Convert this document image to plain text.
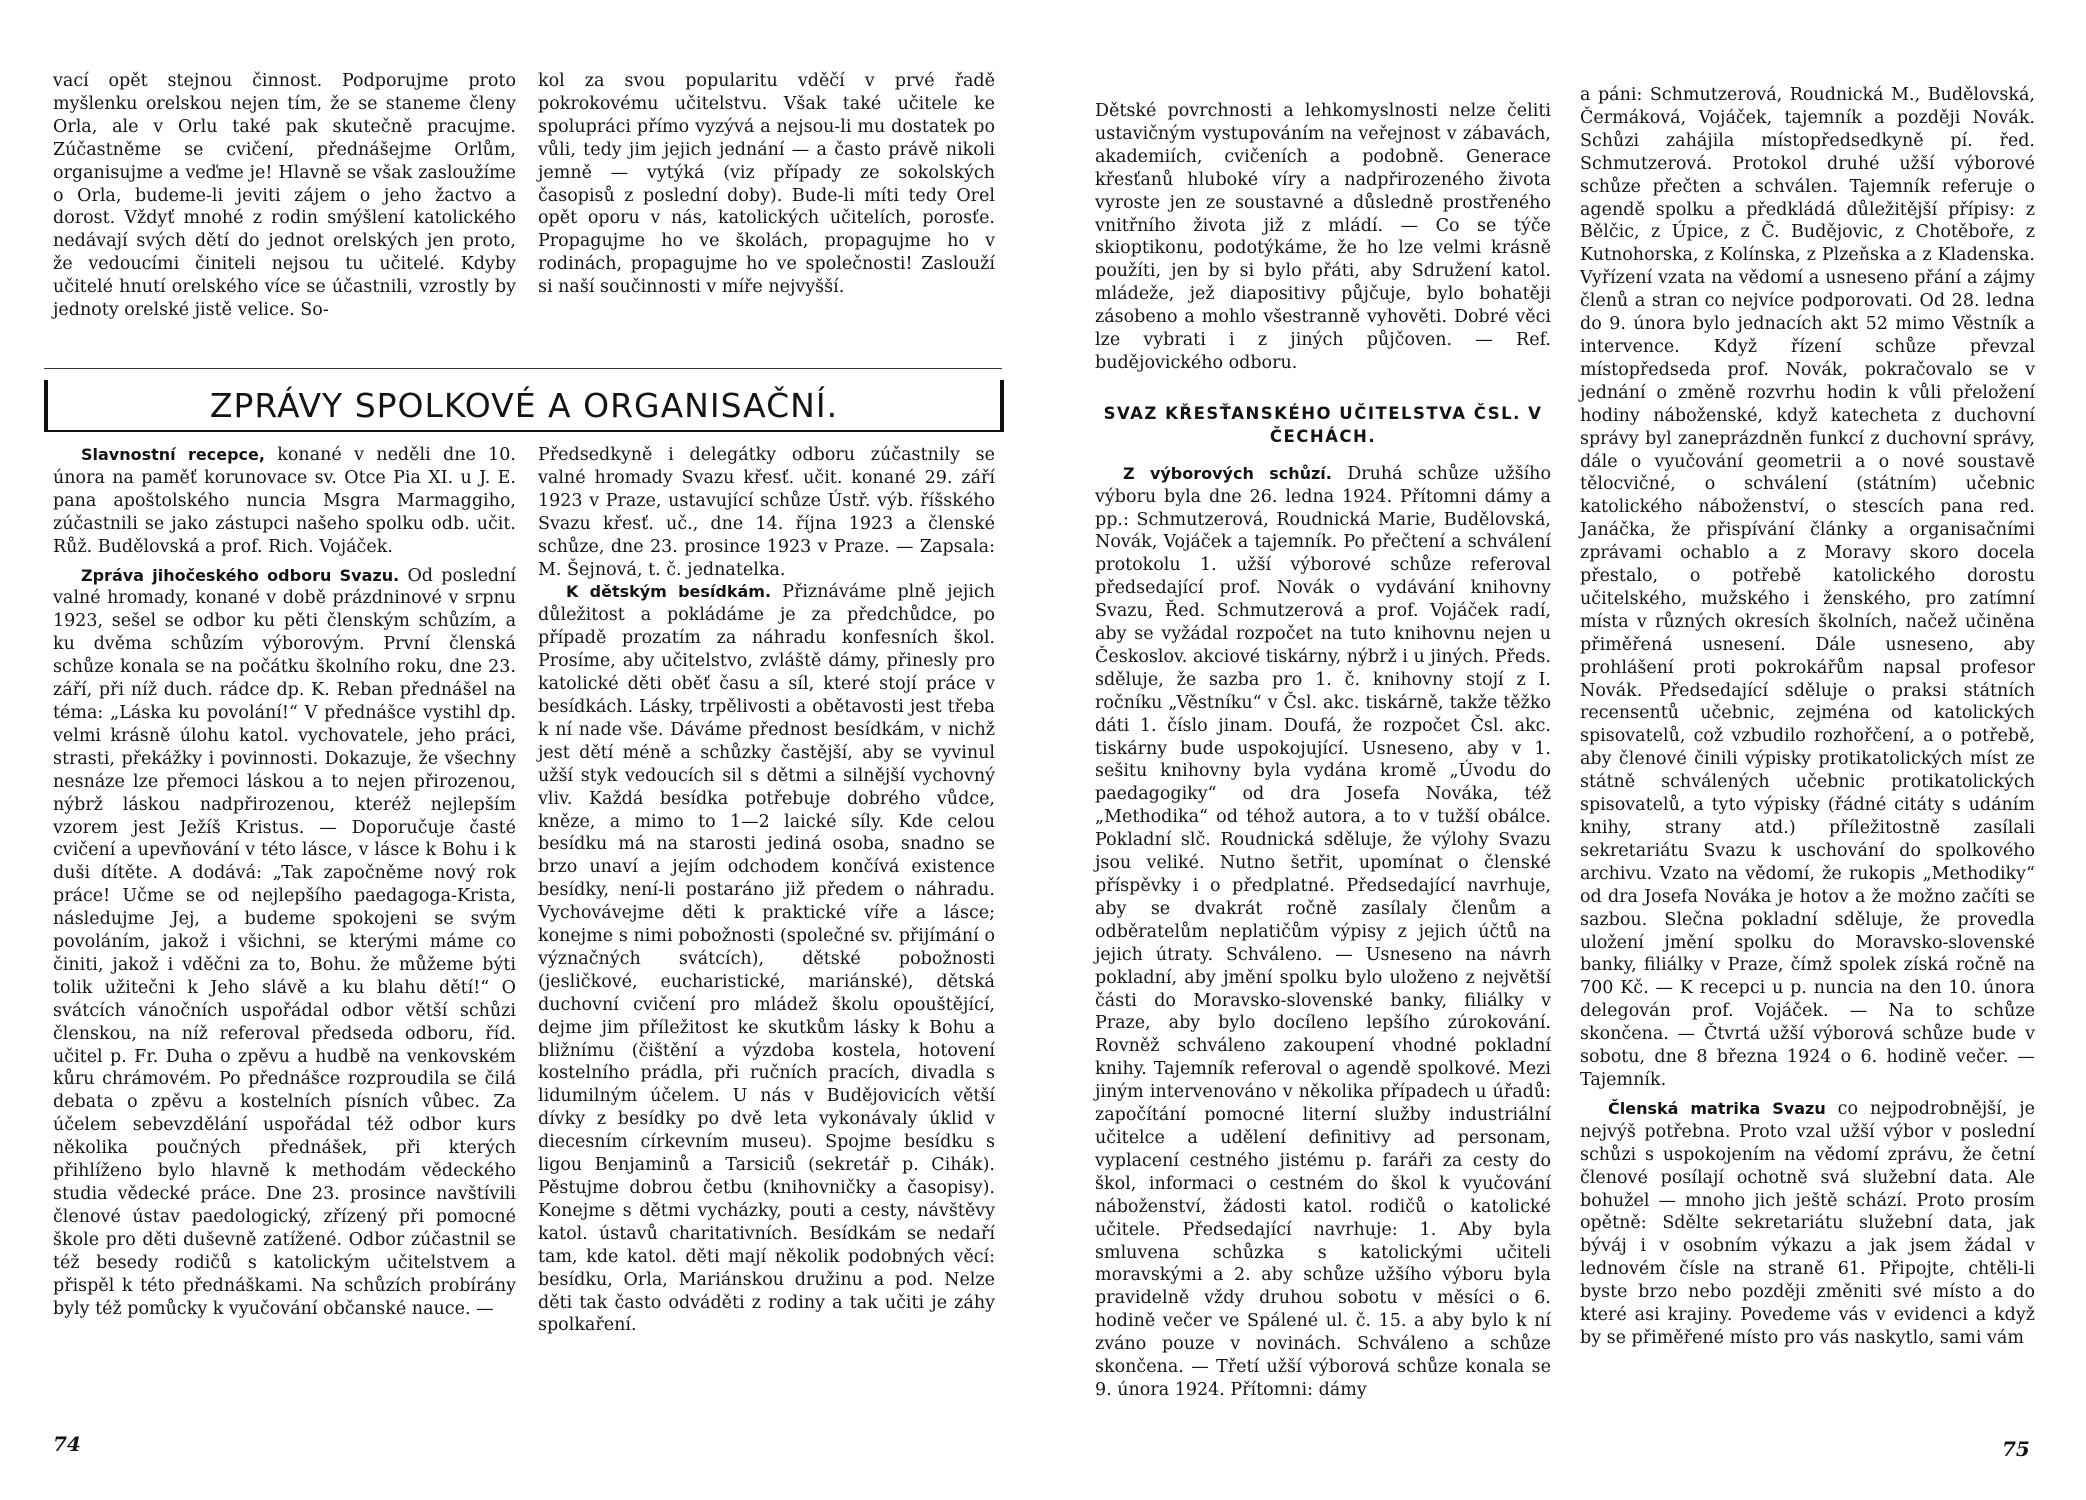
vací opět stejnou činnost. Podporujme proto myšlenku orelskou nejen tím, že se staneme členy Orla, ale v Orlu také pak skutečně pracujme. Zúčastněme se cvičení, přednášejme Orlům, organisujme a veďme je! Hlavně se však zasloužíme o Orla, budeme-li jeviti zájem o jeho žactvo a dorost. Vždyť mnohé z rodin smýšlení katolického nedávají svých dětí do jednot orelských jen proto, že vedoucími činiteli nejsou tu učitelé. Kdyby učitelé hnutí orelského více se účastnili, vzrostly by jednoty orelské jistě velice. So-

kol za svou popularitu vděčí v prvé řadě pokrokovému učitelstvu. Však také učitele ke spolupráci přímo vyzývá a nejsou-li mu dostatek po vůli, tedy jim jejich jednání — a často právě nikoli jemně — vytýká (viz případy ze sokolských časopisů z poslední doby). Bude-li míti tedy Orel opět oporu v nás, katolických učitelích, porosťe. Propagujme ho ve školách, propagujme ho v rodinách, propagujme ho ve společnosti! Zaslouží si naší součinnosti v míře nejvyšší.

ZPRÁVY SPOLKOVÉ A ORGANISAČNÍ.

Slavnostní recepce, konané v neděli dne 10. února na paměť korunovace sv. Otce Pia XI. u J. E. pana apoštolského nuncia Msgra Marmaggiho, zúčastnili se jako zástupci našeho spolku odb. učit. Růž. Budělovská a prof. Rich. Vojáček.

Zpráva jihočeského odboru Svazu. Od poslední valné hromady, konané v době prázdninové v srpnu 1923, sešel se odbor ku pěti členským schůzím, a ku dvěma schůzím výborovým. První členská schůze konala se na počátku školního roku, dne 23. září, při níž duch. rádce dp. K. Reban přednášel na téma: „Láska ku povolání!“ V přednášce vystihl dp. velmi krásně úlohu katol. vychovatele, jeho práci, strasti, překážky i povinnosti. Dokazuje, že všechny nesnáze lze přemoci láskou a to nejen přirozenou, nýbrž láskou nadpřirozenou, kteréž nejlepším vzorem jest Ježíš Kristus. — Doporučuje časté cvičení a upevňování v této lásce, v lásce k Bohu i k duši dítěte. A dodává: „Tak započněme nový rok práce! Učme se od nejlepšího paedagoga-Krista, následujme Jej, a budeme spokojeni se svým povoláním, jakož i všichni, se kterými máme co činiti, jakož i vděčni za to, Bohu. že můžeme býti tolik užitečni k Jeho slávě a ku blahu dětí!“ O svátcích vánočních uspořádal odbor větší schůzi členskou, na níž referoval předseda odboru, říd. učitel p. Fr. Duha o zpěvu a hudbě na venkovském kůru chrámovém. Po přednášce rozproudila se čilá debata o zpěvu a kostelních písních vůbec. Za účelem sebevzdělání uspořádal též odbor kurs několika poučných přednášek, při kterých přihlíženo bylo hlavně k methodám vědeckého studia vědecké práce. Dne 23. prosince navštívili členové ústav paedologický, zřízený při pomocné škole pro děti duševně zatížené. Odbor zúčastnil se též besedy rodičů s katolickým učitelstvem a přispěl k této přednáškami. Na schůzích probírány byly též pomůcky k vyučování občanské nauce. —

Předsedkyně i delegátky odboru zúčastnily se valné hromady Svazu křesť. učit. konané 29. září 1923 v Praze, ustavující schůze Ústř. výb. říšského Svazu křesť. uč., dne 14. října 1923 a členské schůze, dne 23. prosince 1923 v Praze. — Zapsala: M. Šejnová, t. č. jednatelka.

K dětským besídkám. Přiznáváme plně jejich důležitost a pokládáme je za předchůdce, po případě prozatím za náhradu konfesních škol. Prosíme, aby učitelstvo, zvláště dámy, přinesly pro katolické děti oběť času a síl, které stojí práce v besídkách. Lásky, trpělivosti a obětavosti jest třeba k ní nade vše. Dáváme přednost besídkám, v nichž jest dětí méně a schůzky častější, aby se vyvinul užší styk vedoucích sil s dětmi a silnější vychovný vliv. Každá besídka potřebuje dobrého vůdce, kněze, a mimo to 1—2 laické síly. Kde celou besídku má na starosti jediná osoba, snadno se brzo unaví a jejím odchodem končívá existence besídky, není-li postaráno již předem o náhradu. Vychovávejme děti k praktické víře a lásce; konejme s nimi pobožnosti (společné sv. přijímání o význačných svátcích), dětské pobožnosti (jesličkové, eucharistické, mariánské), dětská duchovní cvičení pro mládež školu opouštějící, dejme jim příležitost ke skutkům lásky k Bohu a bližnímu (čištění a výzdoba kostela, hotovení kostelního prádla, při ručních pracích, divadla s lidumilným účelem. U nás v Budějovicích větší dívky z besídky po dvě leta vykonávaly úklid v diecesním církevním museu). Spojme besídku s ligou Benjaminů a Tarsiciů (sekretář p. Cihák). Pěstujme dobrou četbu (knihovničky a časopisy). Konejme s dětmi vycházky, pouti a cesty, návštěvy katol. ústavů charitativních. Besídkám se nedaří tam, kde katol. děti mají několik podobných věcí: besídku, Orla, Mariánskou družinu a pod. Nelze děti tak často odváděti z rodiny a tak učiti je záhy spolkaření.

74

Dětské povrchnosti a lehkomyslnosti nelze čeliti ustavičným vystupováním na veřejnost v zábavách, akademiích, cvičeních a podobně. Generace křesťanů hluboké víry a nadpřirozeného života vyroste jen ze soustavné a důsledně prostřeného vnitřního života již z mládí. — Co se týče skioptikonu, podotýkáme, že ho lze velmi krásně použíti, jen by si bylo přáti, aby Sdružení katol. mládeže, jež diapositivy půjčuje, bylo bohatěji zásobeno a mohlo všestranně vyhověti. Dobré věci lze vybrati i z jiných půjčoven. — Ref. budějovického odboru.

SVAZ KŘESŤANSKÉHO UČITELSTVA ČSL. V ČECHÁCH.

Z výborových schůzí. Druhá schůze užšího výboru byla dne 26. ledna 1924. Přítomni dámy a pp.: Schmutzerová, Roudnická Marie, Budělovská, Novák, Vojáček a tajemník. Po přečtení a schválení protokolu 1. užší výborové schůze referoval předsedající prof. Novák o vydávání knihovny Svazu, Řed. Schmutzerová a prof. Vojáček radí, aby se vyžádal rozpočet na tuto knihovnu nejen u Českoslov. akciové tiskárny, nýbrž i u jiných. Předs. sděluje, že sazba pro 1. č. knihovny stojí z I. ročníku „Věstníku“ v Čsl. akc. tiskárně, takže těžko dáti 1. číslo jinam. Doufá, že rozpočet Čsl. akc. tiskárny bude uspokojující. Usneseno, aby v 1. sešitu knihovny byla vydána kromě „Úvodu do paedagogiky“ od dra Josefa Nováka, též „Methodika“ od téhož autora, a to v tužší obálce. Pokladní slč. Roudnická sděluje, že výlohy Svazu jsou veliké. Nutno šetřit, upomínat o členské příspěvky i o předplatné. Předsedající navrhuje, aby se dvakrát ročně zasílaly členům a odběratelům neplatičům výpisy z jejich účtů na jejich útraty. Schváleno. — Usneseno na návrh pokladní, aby jmění spolku bylo uloženo z největší části do Moravsko-slovenské banky, filiálky v Praze, aby bylo docíleno lepšího zúrokování. Rovněž schváleno zakoupení vhodné pokladní knihy. Tajemník referoval o agendě spolkové. Mezi jiným intervenováno v několika případech u úřadů: započítání pomocné literní služby industriální učitelce a udělení definitivy ad personam, vyplacení cestného jistému p. faráři za cesty do škol, informaci o cestném do škol k vyučování náboženství, žádosti katol. rodičů o katolické učitele. Předsedající navrhuje: 1. Aby byla smluvena schůzka s katolickými učiteli moravskými a 2. aby schůze užšího výboru byla pravidelně vždy druhou sobotu v měsíci o 6. hodině večer ve Spálené ul. č. 15. a aby bylo k ní zváno pouze v novinách. Schváleno a schůze skončena. — Třetí užší výborová schůze konala se 9. února 1924. Přítomni: dámy

a páni: Schmutzerová, Roudnická M., Budělovská, Čermáková, Vojáček, tajemník a později Novák. Schůzi zahájila místopředsedkyně pí. řed. Schmutzerová. Protokol druhé užší výborové schůze přečten a schválen. Tajemník referuje o agendě spolku a předkládá důležitější přípisy: z Bělčic, z Úpice, z Č. Budějovic, z Chotěboře, z Kutnohorska, z Kolínska, z Plzeňska a z Kladenska. Vyřízení vzata na vědomí a usneseno přání a zájmy členů a stran co nejvíce podporovati. Od 28. ledna do 9. února bylo jednacích akt 52 mimo Věstník a intervence. Když řízení schůze převzal místopředseda prof. Novák, pokračovalo se v jednání o změně rozvrhu hodin k vůli přeložení hodiny náboženské, když katecheta z duchovní správy byl zaneprázdněn funkcí z duchovní správy, dále o vyučování geometrii a o nové soustavě tělocvičné, o schválení (státním) učebnic katolického náboženství, o stescích pana red. Janáčka, že přispívání články a organisačními zprávami ochablo a z Moravy skoro docela přestalo, o potřebě katolického dorostu učitelského, mužského i ženského, pro zatímní místa v různých okresích školních, načež učiněna přiměřená usnesení. Dále usneseno, aby prohlášení proti pokrokářům napsal profesor Novák. Předsedající sděluje o praksi státních recensentů učebnic, zejména od katolických spisovatelů, což vzbudilo rozhořčení, a o potřebě, aby členové činili výpisky protikatolických míst ze státně schválených učebnic protikatolických spisovatelů, a tyto výpisky (řádné citáty s udáním knihy, strany atd.) příležitostně zasílali sekretariátu Svazu k uschování do spolkového archivu. Vzato na vědomí, že rukopis „Methodiky“ od dra Josefa Nováka je hotov a že možno začíti se sazbou. Slečna pokladní sděluje, že provedla uložení jmění spolku do Moravsko-slovenské banky, filiálky v Praze, čímž spolek získá ročně na 700 Kč. — K recepci u p. nuncia na den 10. února delegován prof. Vojáček. — Na to schůze skončena. — Čtvrtá užší výborová schůze bude v sobotu, dne 8 března 1924 o 6. hodině večer. — Tajemník.

Členská matrika Svazu co nejpodrobnější, je nejvýš potřebna. Proto vzal užší výbor v poslední schůzi s uspokojením na vědomí zprávu, že četní členové posílají ochotně svá služební data. Ale bohužel — mnoho jich ještě schází. Proto prosím opětně: Sdělte sekretariátu služební data, jak býváj i v osobním výkazu a jak jsem žádal v lednovém čísle na straně 61. Připojte, chtěli-li byste brzo nebo později změniti své místo a do které asi krajiny. Povedeme vás v evidenci a když by se přiměřené místo pro vás naskytlo, sami vám

75
